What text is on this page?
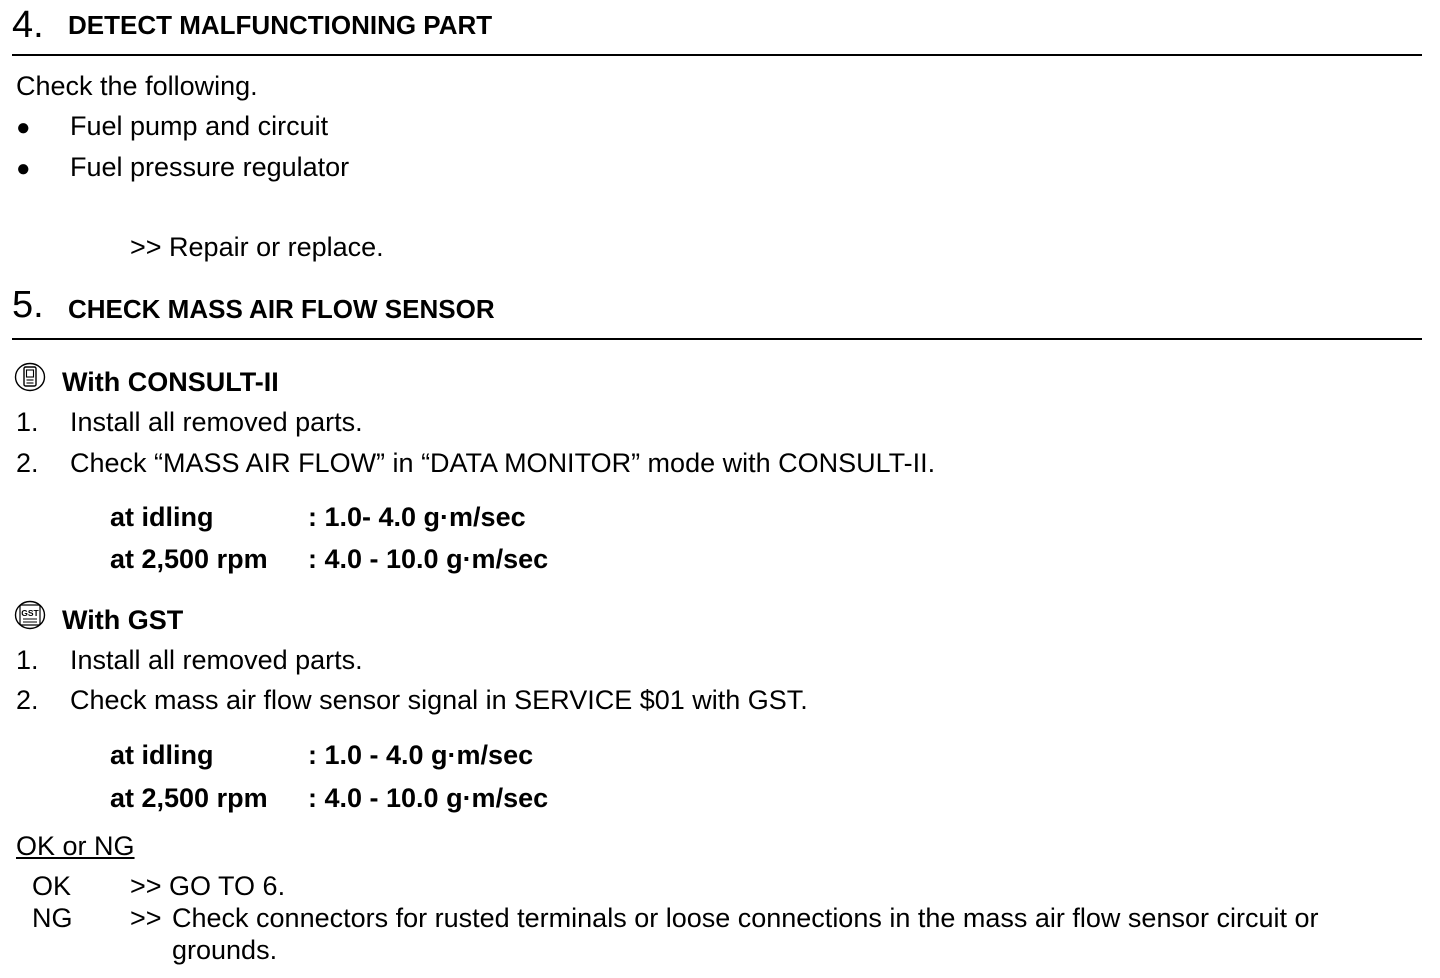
4. DETECT MALFUNCTIONING PART
Check the following.
● Fuel pump and circuit
● Fuel pressure regulator
>> Repair or replace.
5. CHECK MASS AIR FLOW SENSOR
With CONSULT-II
1. Install all removed parts.
2. Check “MASS AIR FLOW” in “DATA MONITOR” mode with CONSULT-II.
at idling	: 1.0- 4.0 g·m/sec
at 2,500 rpm : 4.0 - 10.0 g·m/sec
GST With GST
1. Install all removed parts.
2. Check mass air flow sensor signal in SERVICE $01 with GST.
at idling	: 1.0 - 4.0 g·m/sec
at 2,500 rpm : 4.0 - 10.0 g·m/sec
OK or NG
OK >> GO TO 6.
NG >> Check connectors for rusted terminals or loose connections in the mass air flow sensor circuit or
grounds.
